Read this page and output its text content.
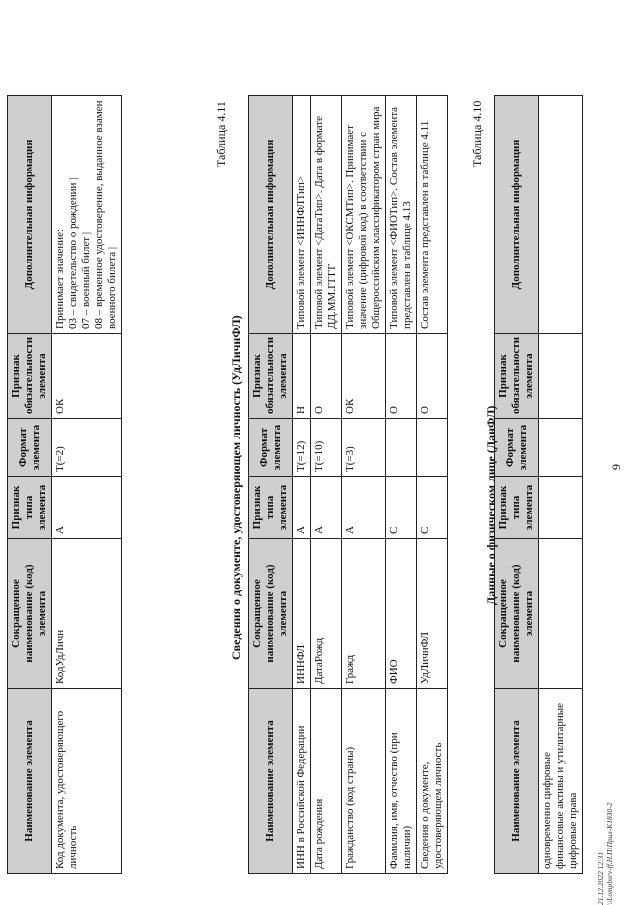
9
Наименование элемента	Сокращенное наименование (код) элемента	Признак типа элемента	Формат элемента	Признак обязательности элемента	Дополнительная информация
одновременно цифровые финансовые активы и утилитарные цифровые права					
Таблица 4.10
Данные о физическом лице (ДанФЛ)
Наименование элемента	Сокращенное наименование (код) элемента	Признак типа элемента	Формат элемента	Признак обязательности элемента	Дополнительная информация
ИНН в Российской Федерации	ИННФЛ	А	T(=12)	Н	Типовой элемент <ИННФЛТип>
Дата рождения	ДатаРожд	А	T(=10)	О	Типовой элемент <ДатаТип>. Дата в формате ДД.ММ.ГГГГ
Гражданство (код страны)	Гражд	А	T(=3)	ОК	Типовой элемент <ОКСМТип>. Принимает значение (цифровой код) в соответствии с Общероссийским классификатором стран мира
Фамилия, имя, отчество (при наличии)	ФИО	С		О	Типовой элемент <ФИОТип>. Состав элемента представлен в таблице 4.13
Сведения о документе, удостоверяющем личность	УдЛичнФЛ	С		О	Состав элемента представлен в таблице 4.11
Таблица 4.11
Сведения о документе, удостоверяющем личность (УдЛичнФЛ)
Наименование элемента	Сокращенное наименование (код) элемента	Признак типа элемента	Формат элемента	Признак обязательности элемента	Дополнительная информация
Код документа, удостоверяющего личность	КодУдЛичн	А	T(=2)	ОК	Принимает значение: 03 – свидетельство о рождении | 07 – военный билет | 08 – временное удостоверение, выданное взамен военного билета |
21.12.2022 12:31 \\Lompbsrv-ff.H.П\Прил-K1830-2
